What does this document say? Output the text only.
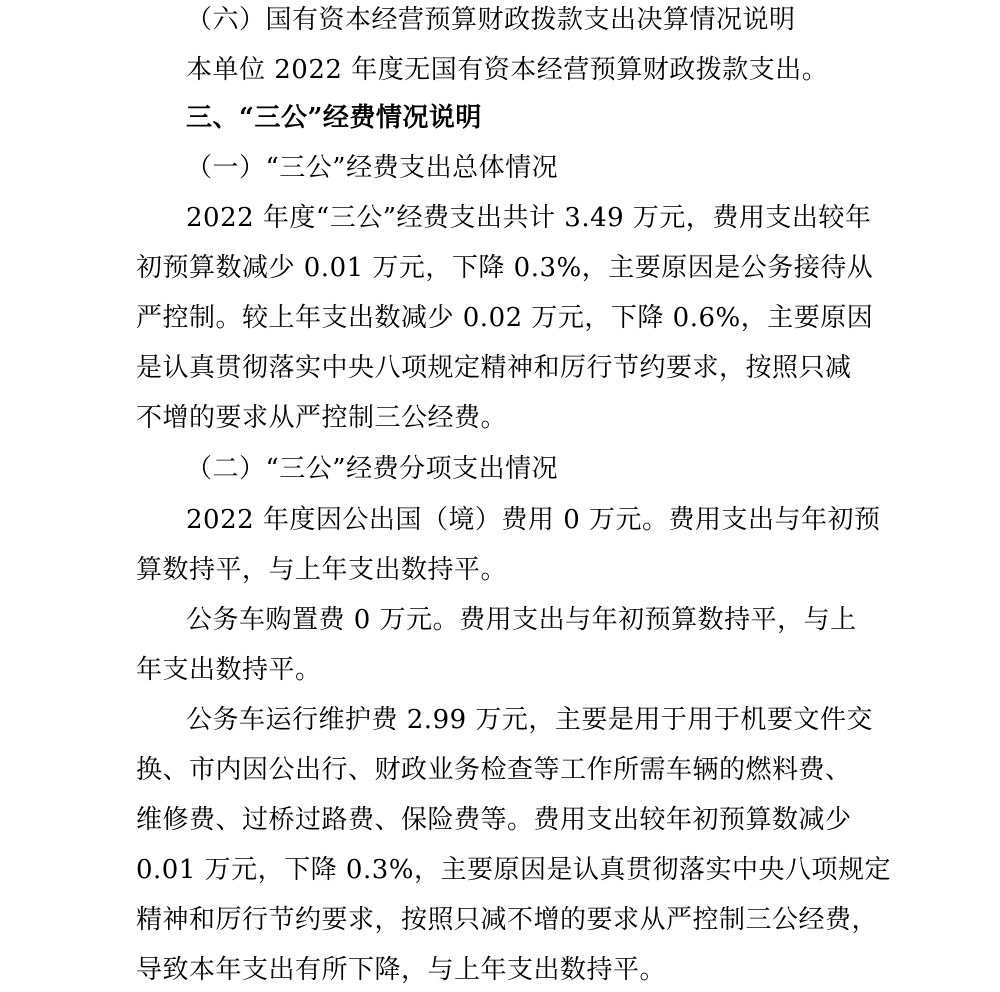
（六）国有资本经营预算财政拨款支出决算情况说明
本单位 2022 年度无国有资本经营预算财政拨款支出。
三、“三公”经费情况说明
（一）“三公”经费支出总体情况
2022 年度“三公”经费支出共计 3.49 万元，费用支出较年
初预算数减少 0.01 万元，下降 0.3%，主要原因是公务接待从
严控制。较上年支出数减少 0.02 万元，下降 0.6%，主要原因
是认真贯彻落实中央八项规定精神和厉行节约要求，按照只减
不增的要求从严控制三公经费。
（二）“三公”经费分项支出情况
2022 年度因公出国（境）费用 0 万元。费用支出与年初预
算数持平，与上年支出数持平。
公务车购置费 0 万元。费用支出与年初预算数持平，与上
年支出数持平。
公务车运行维护费 2.99 万元，主要是用于用于机要文件交
换、市内因公出行、财政业务检查等工作所需车辆的燃料费、
维修费、过桥过路费、保险费等。费用支出较年初预算数减少
0.01 万元，下降 0.3%，主要原因是认真贯彻落实中央八项规定
精神和厉行节约要求，按照只减不增的要求从严控制三公经费，
导致本年支出有所下降，与上年支出数持平。
